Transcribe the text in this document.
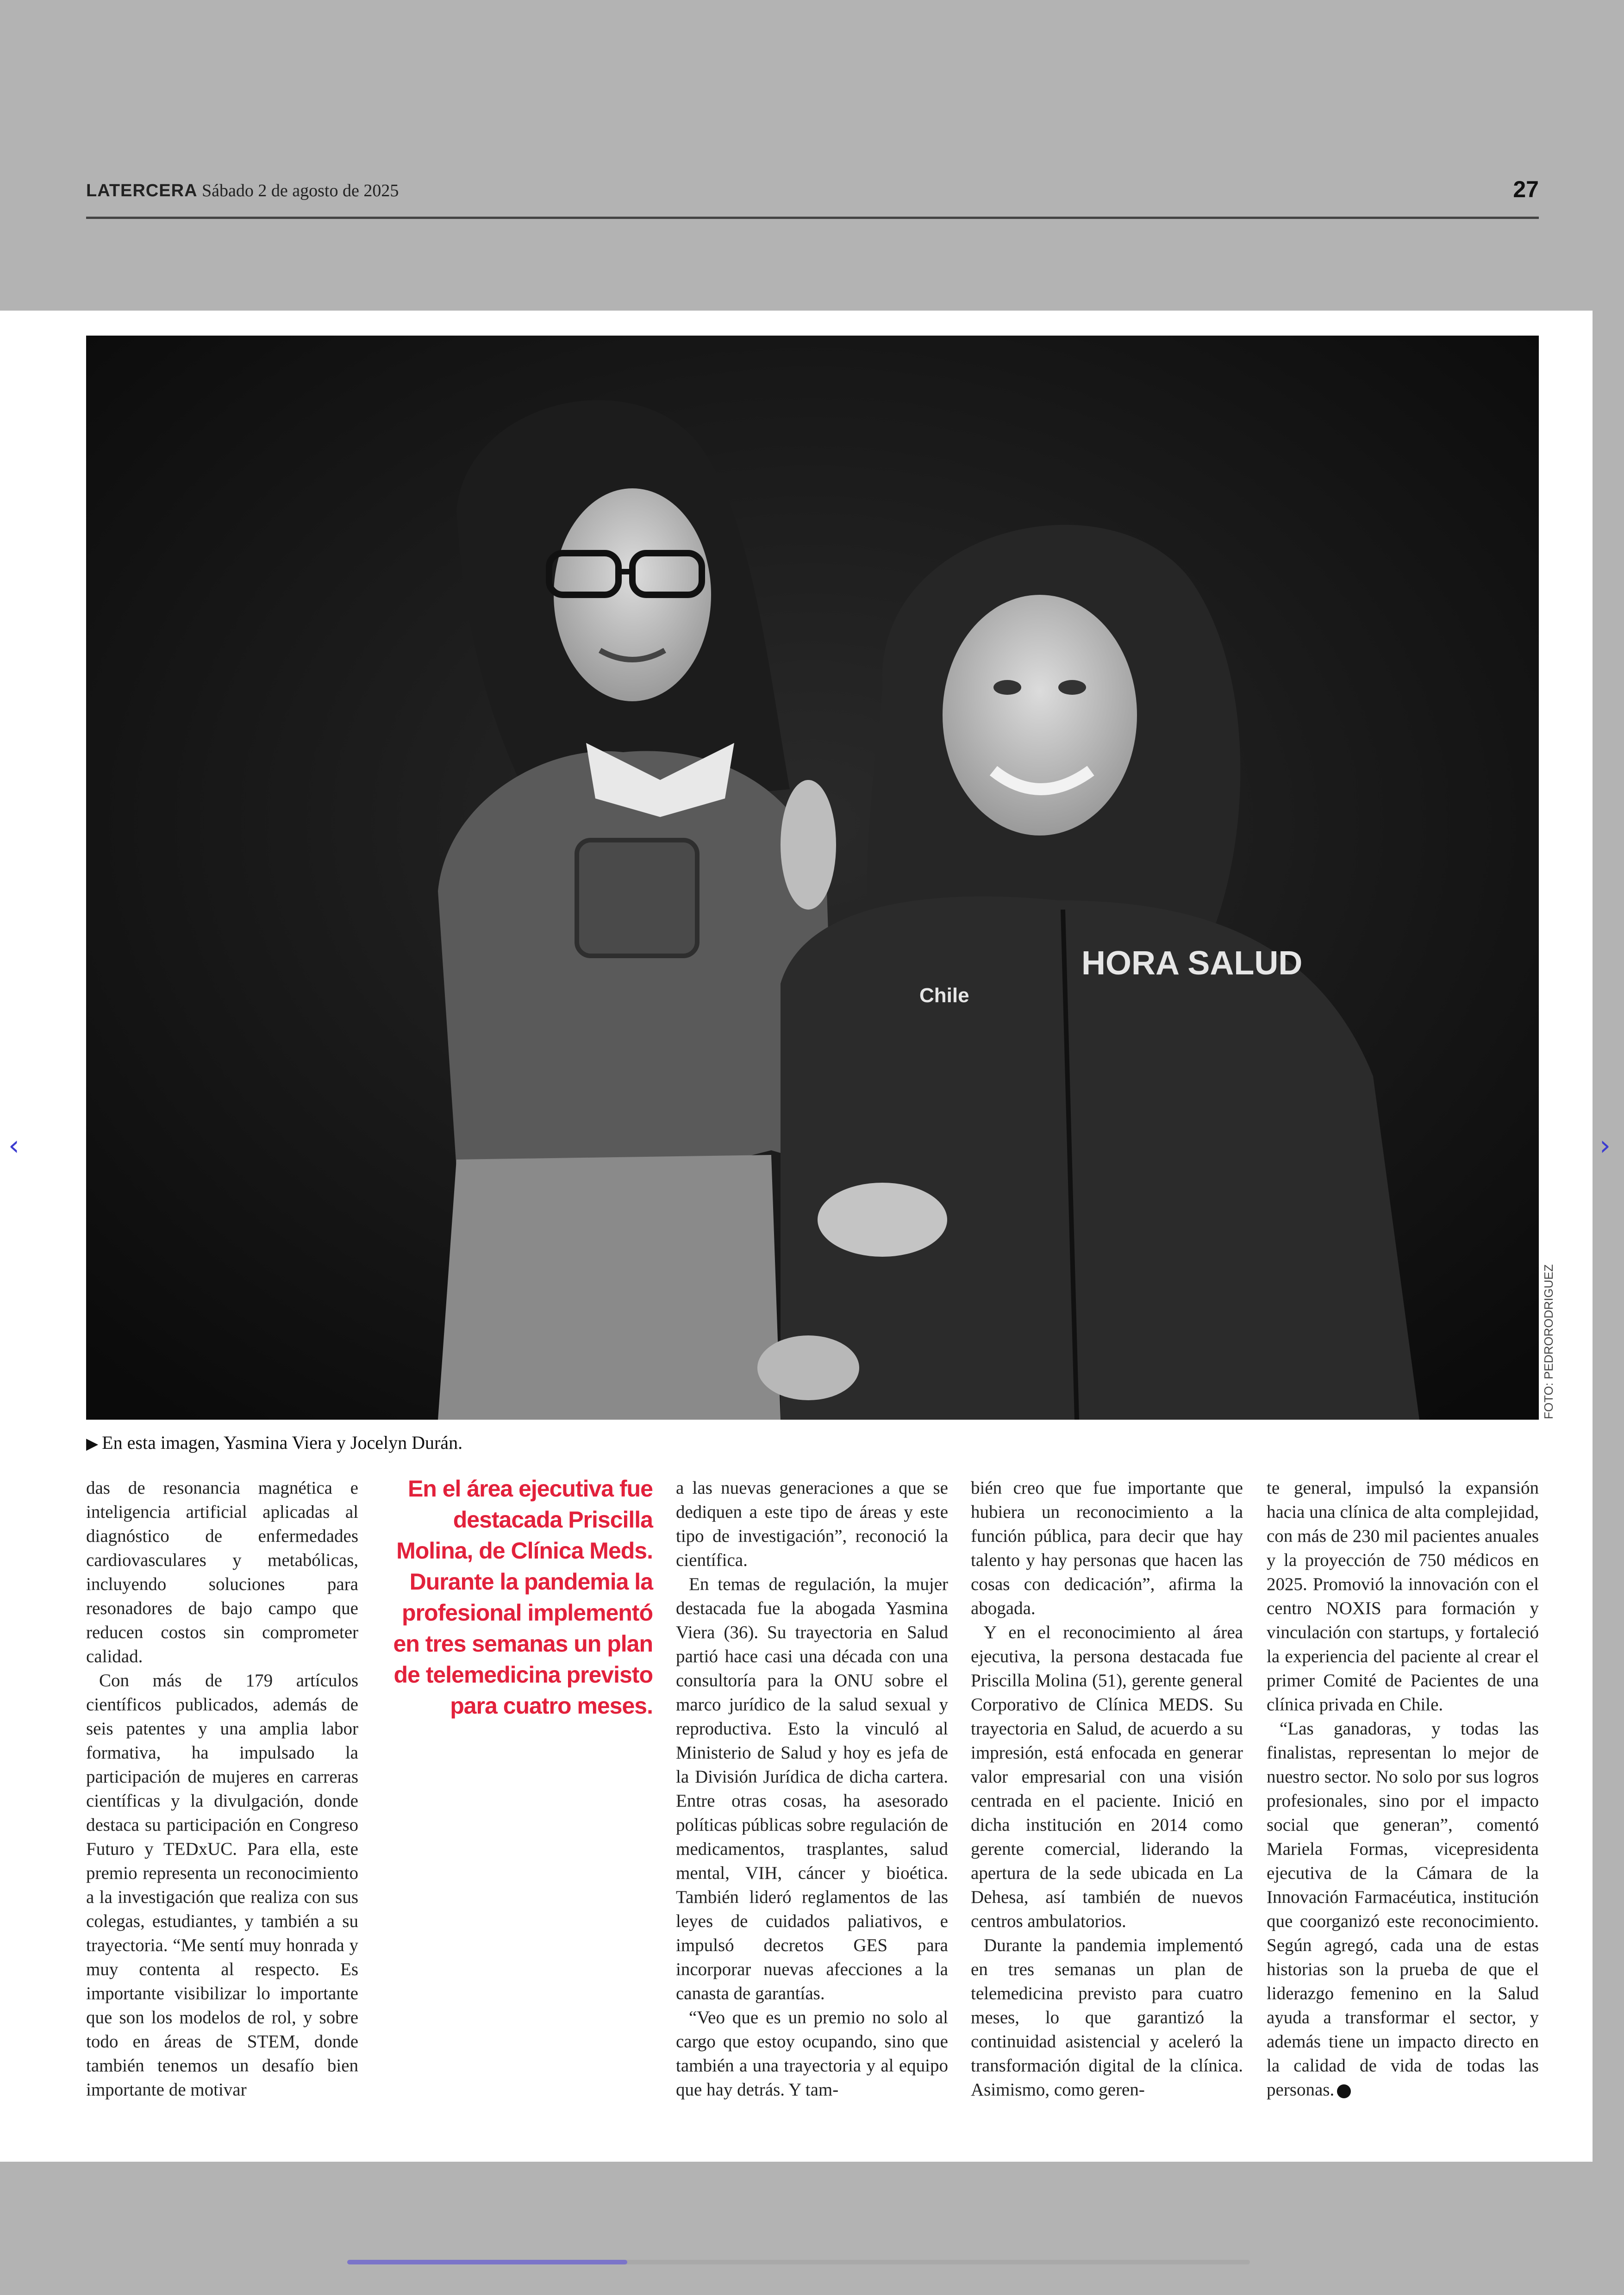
LATERCERA Sábado 2 de agosto de 2025	27
HORA SALUD
Chile
FOTO: PEDRORODRIGUEZ
▶ En esta imagen, Yasmina Viera y Jocelyn Durán.

das de resonancia magnética e inteligencia artificial aplicadas al diagnóstico de enfermedades cardiovasculares y metabólicas, incluyendo soluciones para resonadores de bajo campo que reducen costos sin comprometer calidad.

Con más de 179 artículos científicos publicados, además de seis patentes y una amplia labor formativa, ha impulsado la participación de mujeres en carreras científicas y la divulgación, donde destaca su participación en Congreso Futuro y TEDxUC. Para ella, este premio representa un reconocimiento a la investigación que realiza con sus colegas, estudiantes, y también a su trayectoria. “Me sentí muy honrada y muy contenta al respecto. Es importante visibilizar lo importante que son los modelos de rol, y sobre todo en áreas de STEM, donde también tenemos un desafío bien importante de motivar

En el área ejecutiva fue destacada Priscilla Molina, de Clínica Meds. Durante la pandemia la profesional implementó en tres semanas un plan de telemedicina previsto para cuatro meses.

a las nuevas generaciones a que se dediquen a este tipo de áreas y este tipo de investigación”, reconoció la científica.

En temas de regulación, la mujer destacada fue la abogada Yasmina Viera (36). Su trayectoria en Salud partió hace casi una década con una consultoría para la ONU sobre el marco jurídico de la salud sexual y reproductiva. Esto la vinculó al Ministerio de Salud y hoy es jefa de la División Jurídica de dicha cartera. Entre otras cosas, ha asesorado políticas públicas sobre regulación de medicamentos, trasplantes, salud mental, VIH, cáncer y bioética. También lideró reglamentos de las leyes de cuidados paliativos, e impulsó decretos GES para incorporar nuevas afecciones a la canasta de garantías.

“Veo que es un premio no solo al cargo que estoy ocupando, sino que también a una trayectoria y al equipo que hay detrás. Y tam-

bién creo que fue importante que hubiera un reconocimiento a la función pública, para decir que hay talento y hay personas que hacen las cosas con dedicación”, afirma la abogada.

Y en el reconocimiento al área ejecutiva, la persona destacada fue Priscilla Molina (51), gerente general Corporativo de Clínica MEDS. Su trayectoria en Salud, de acuerdo a su impresión, está enfocada en generar valor empresarial con una visión centrada en el paciente. Inició en dicha institución en 2014 como gerente comercial, liderando la apertura de la sede ubicada en La Dehesa, así también de nuevos centros ambulatorios.

Durante la pandemia implementó en tres semanas un plan de telemedicina previsto para cuatro meses, lo que garantizó la continuidad asistencial y aceleró la transformación digital de la clínica. Asimismo, como geren-

te general, impulsó la expansión hacia una clínica de alta complejidad, con más de 230 mil pacientes anuales y la proyección de 750 médicos en 2025. Promovió la innovación con el centro NOXIS para formación y vinculación con startups, y fortaleció la experiencia del paciente al crear el primer Comité de Pacientes de una clínica privada en Chile.

“Las ganadoras, y todas las finalistas, representan lo mejor de nuestro sector. No solo por sus logros profesionales, sino por el impacto social que generan”, comentó Mariela Formas, vicepresidenta ejecutiva de la Cámara de la Innovación Farmacéutica, institución que coorganizó este reconocimiento. Según agregó, cada una de estas historias son la prueba de que el liderazgo femenino en la Salud ayuda a transformar el sector, y además tiene un impacto directo en la calidad de vida de todas las personas.

‹	›
